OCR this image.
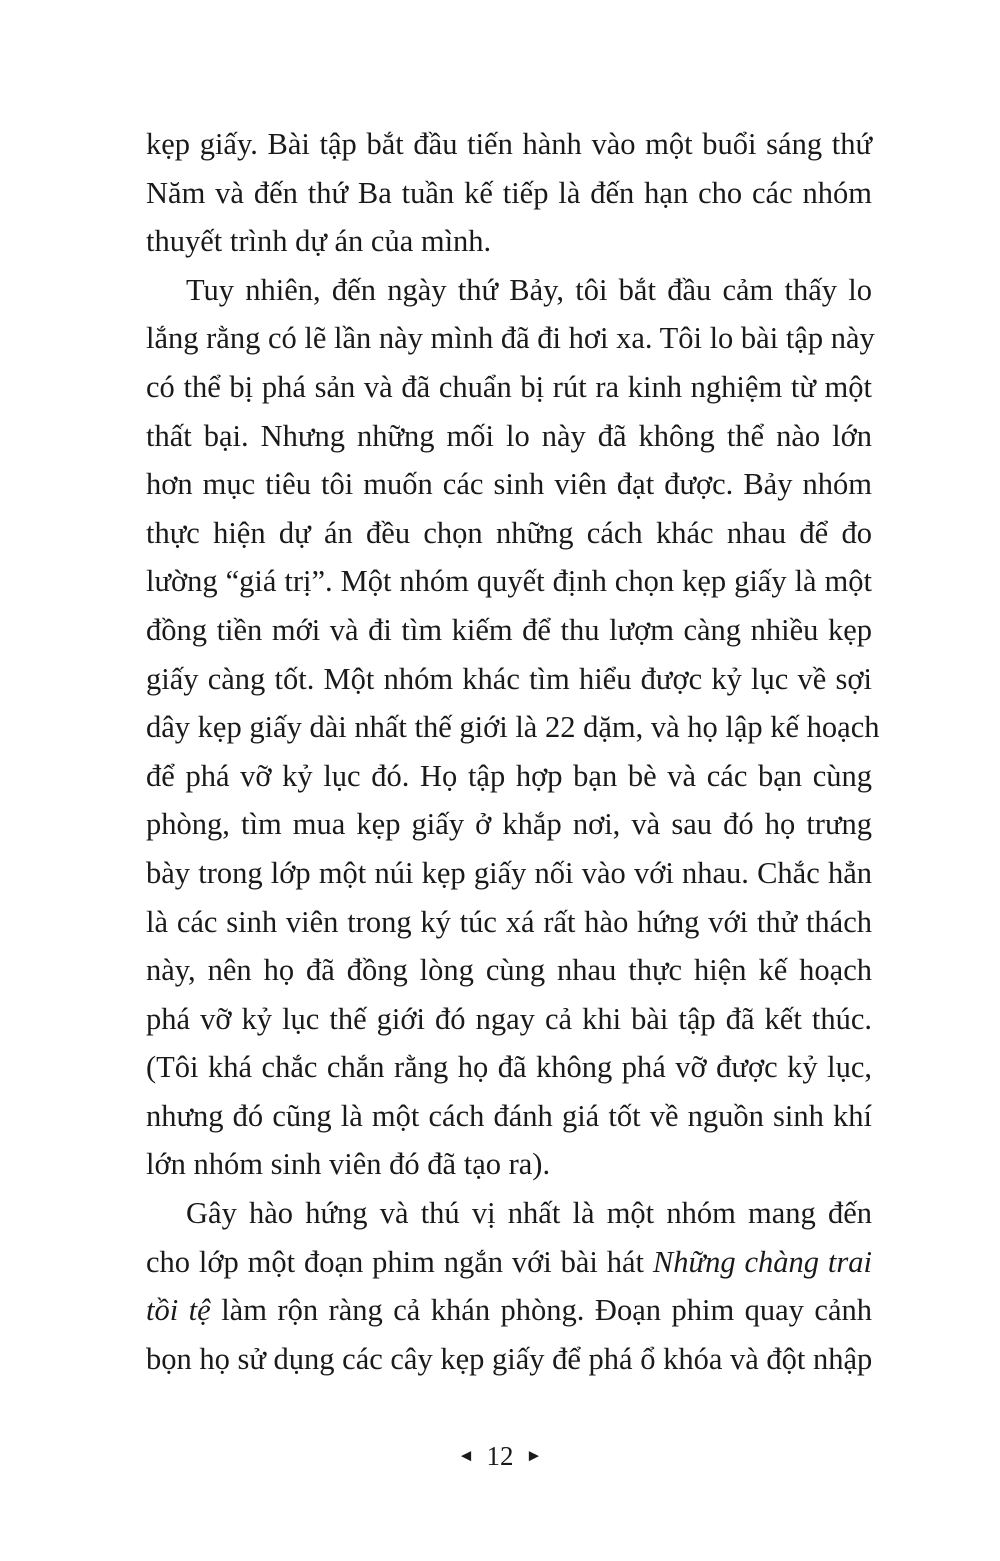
kẹp giấy. Bài tập bắt đầu tiến hành vào một buổi sáng thứ
Năm và đến thứ Ba tuần kế tiếp là đến hạn cho các nhóm
thuyết trình dự án của mình.
Tuy nhiên, đến ngày thứ Bảy, tôi bắt đầu cảm thấy lo
lắng rằng có lẽ lần này mình đã đi hơi xa. Tôi lo bài tập này
có thể bị phá sản và đã chuẩn bị rút ra kinh nghiệm từ một
thất bại. Nhưng những mối lo này đã không thể nào lớn
hơn mục tiêu tôi muốn các sinh viên đạt được. Bảy nhóm
thực hiện dự án đều chọn những cách khác nhau để đo
lường “giá trị”. Một nhóm quyết định chọn kẹp giấy là một
đồng tiền mới và đi tìm kiếm để thu lượm càng nhiều kẹp
giấy càng tốt. Một nhóm khác tìm hiểu được kỷ lục về sợi
dây kẹp giấy dài nhất thế giới là 22 dặm, và họ lập kế hoạch
để phá vỡ kỷ lục đó. Họ tập hợp bạn bè và các bạn cùng
phòng, tìm mua kẹp giấy ở khắp nơi, và sau đó họ trưng
bày trong lớp một núi kẹp giấy nối vào với nhau. Chắc hẳn
là các sinh viên trong ký túc xá rất hào hứng với thử thách
này, nên họ đã đồng lòng cùng nhau thực hiện kế hoạch
phá vỡ kỷ lục thế giới đó ngay cả khi bài tập đã kết thúc.
(Tôi khá chắc chắn rằng họ đã không phá vỡ được kỷ lục,
nhưng đó cũng là một cách đánh giá tốt về nguồn sinh khí
lớn nhóm sinh viên đó đã tạo ra).
Gây hào hứng và thú vị nhất là một nhóm mang đến
cho lớp một đoạn phim ngắn với bài hát Những chàng trai
tồi tệ làm rộn ràng cả khán phòng. Đoạn phim quay cảnh
bọn họ sử dụng các cây kẹp giấy để phá ổ khóa và đột nhập
◄ 12 ►
